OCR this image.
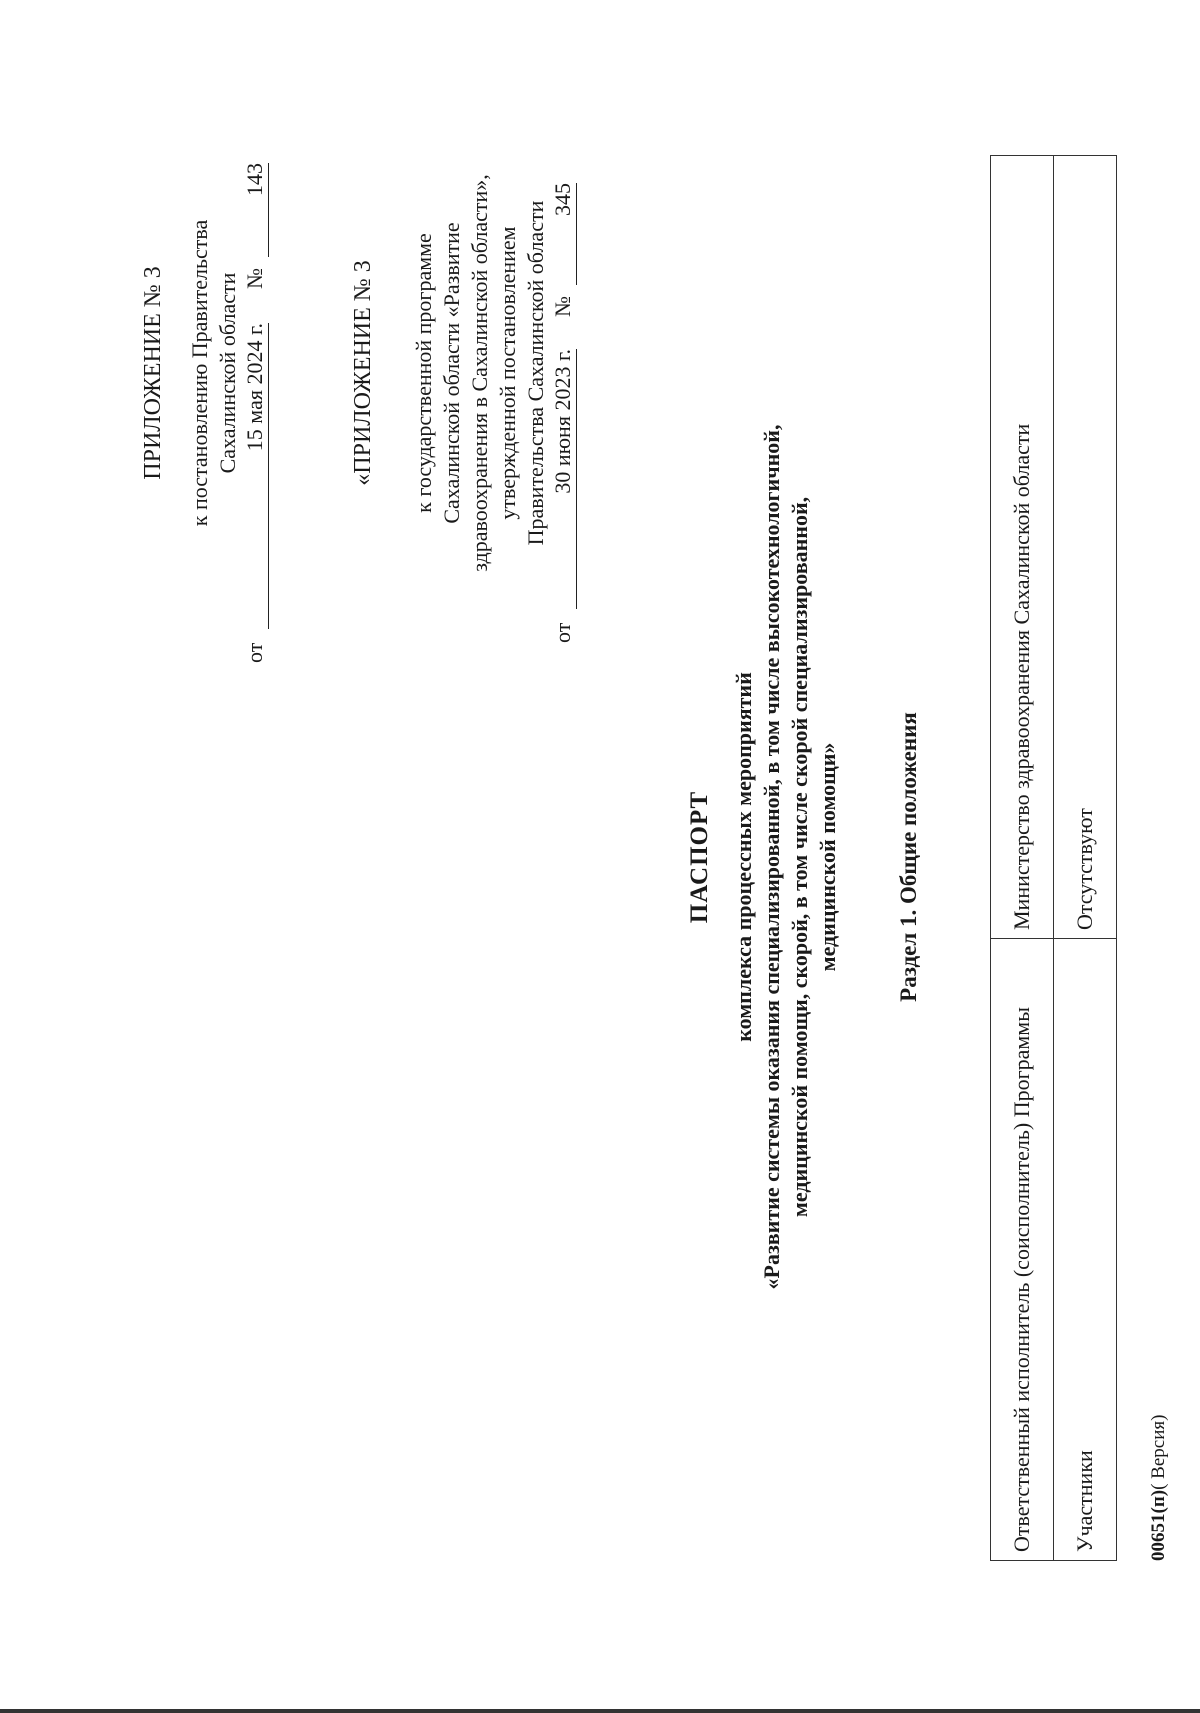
ПРИЛОЖЕНИЕ № 3 к постановлению Правительства Сахалинской области
от
15 мая 2024 г.
№
143
«ПРИЛОЖЕНИЕ № 3 к государственной программе Сахалинской области «Развитие здравоохранения в Сахалинской области», утвержденной постановлением Правительства Сахалинской области
от
30 июня 2023 г.
№
345
ПАСПОРТ комплекса процессных мероприятий «Развитие системы оказания специализированной, в том числе высокотехнологичной, медицинской помощи, скорой, в том числе скорой специализированной, медицинской помощи» Раздел 1. Общие положения
Ответственный исполнитель (соисполнитель) Программы	Министерство здравоохранения Сахалинской области
Участники	Отсутствуют
00651(п)( Версия)
